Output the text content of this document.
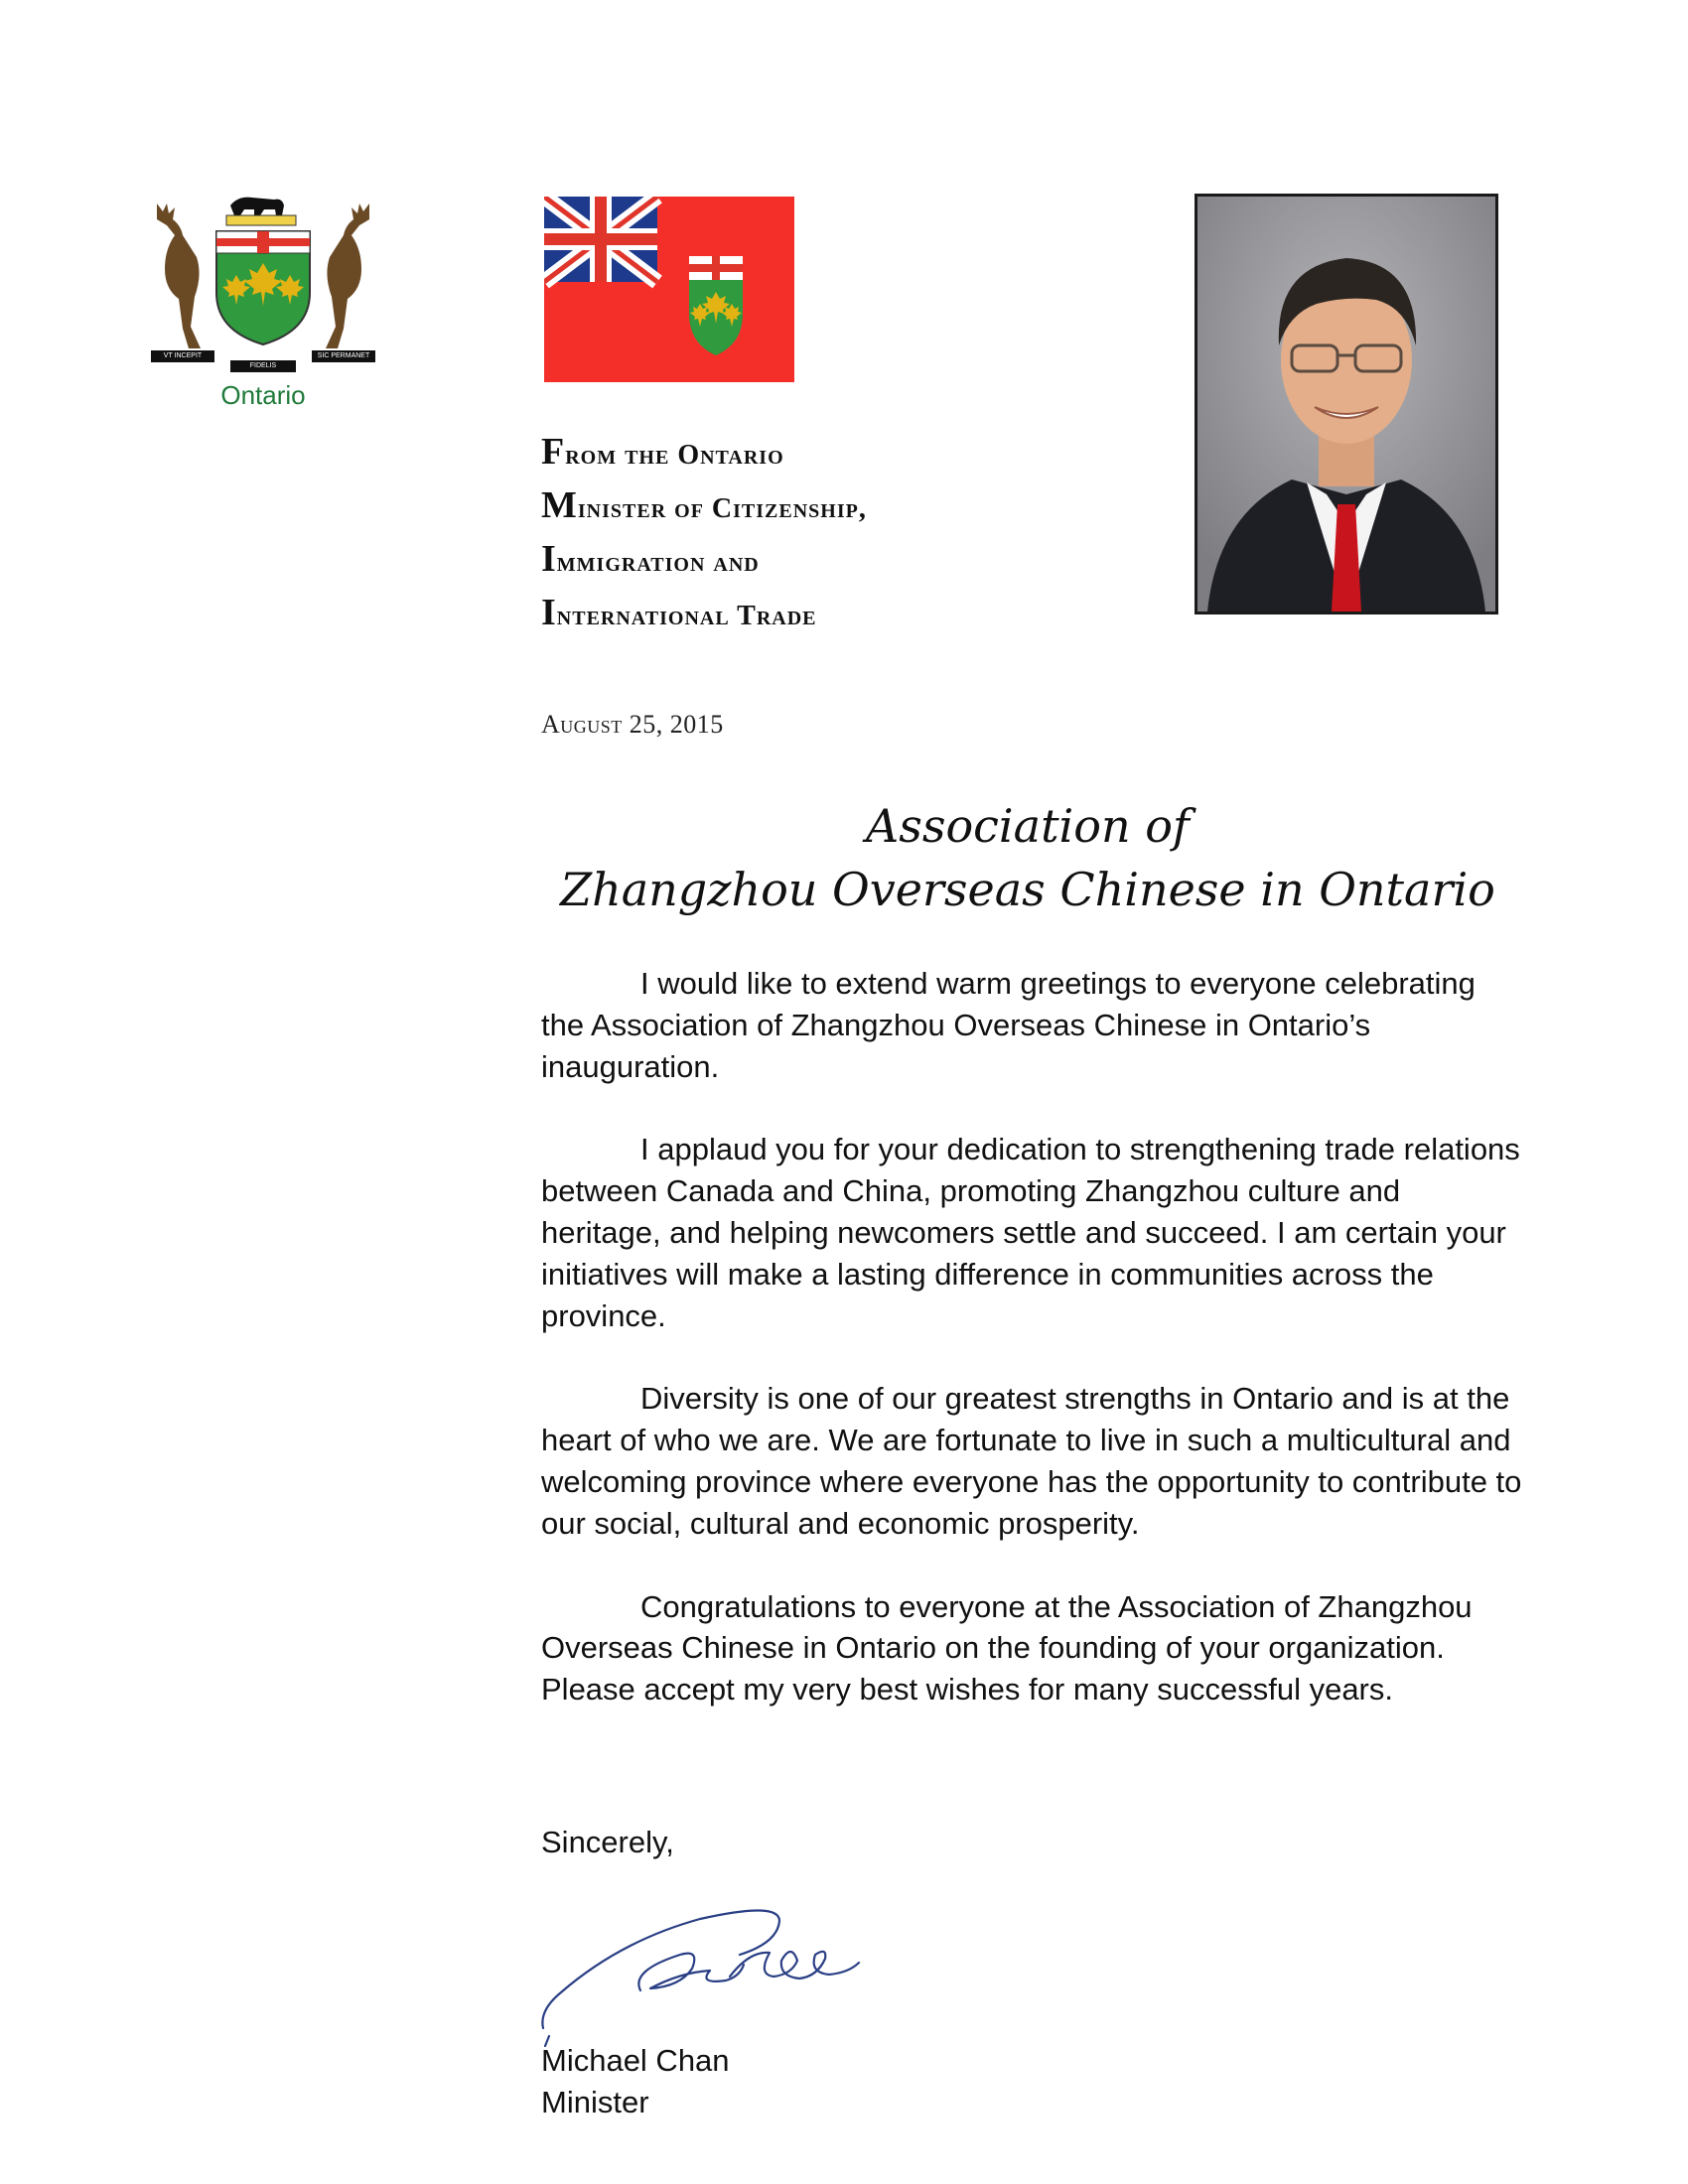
VT INCEPIT
FIDELIS
SIC PERMANET
Ontario
From the Ontario
Minister of Citizenship,
Immigration and
International Trade
August 25, 2015
Association of
Zhangzhou Overseas Chinese in Ontario

I would like to extend warm greetings to everyone celebrating the Association of Zhangzhou Overseas Chinese in Ontario’s inauguration.

I applaud you for your dedication to strengthening trade relations between Canada and China, promoting Zhangzhou culture and heritage, and helping newcomers settle and succeed. I am certain your initiatives will make a lasting difference in communities across the province.

Diversity is one of our greatest strengths in Ontario and is at the heart of who we are. We are fortunate to live in such a multicultural and welcoming province where everyone has the opportunity to contribute to our social, cultural and economic prosperity.

Congratulations to everyone at the Association of Zhangzhou Overseas Chinese in Ontario on the founding of your organization. Please accept my very best wishes for many successful years.

Sincerely,
Michael Chan
Minister
